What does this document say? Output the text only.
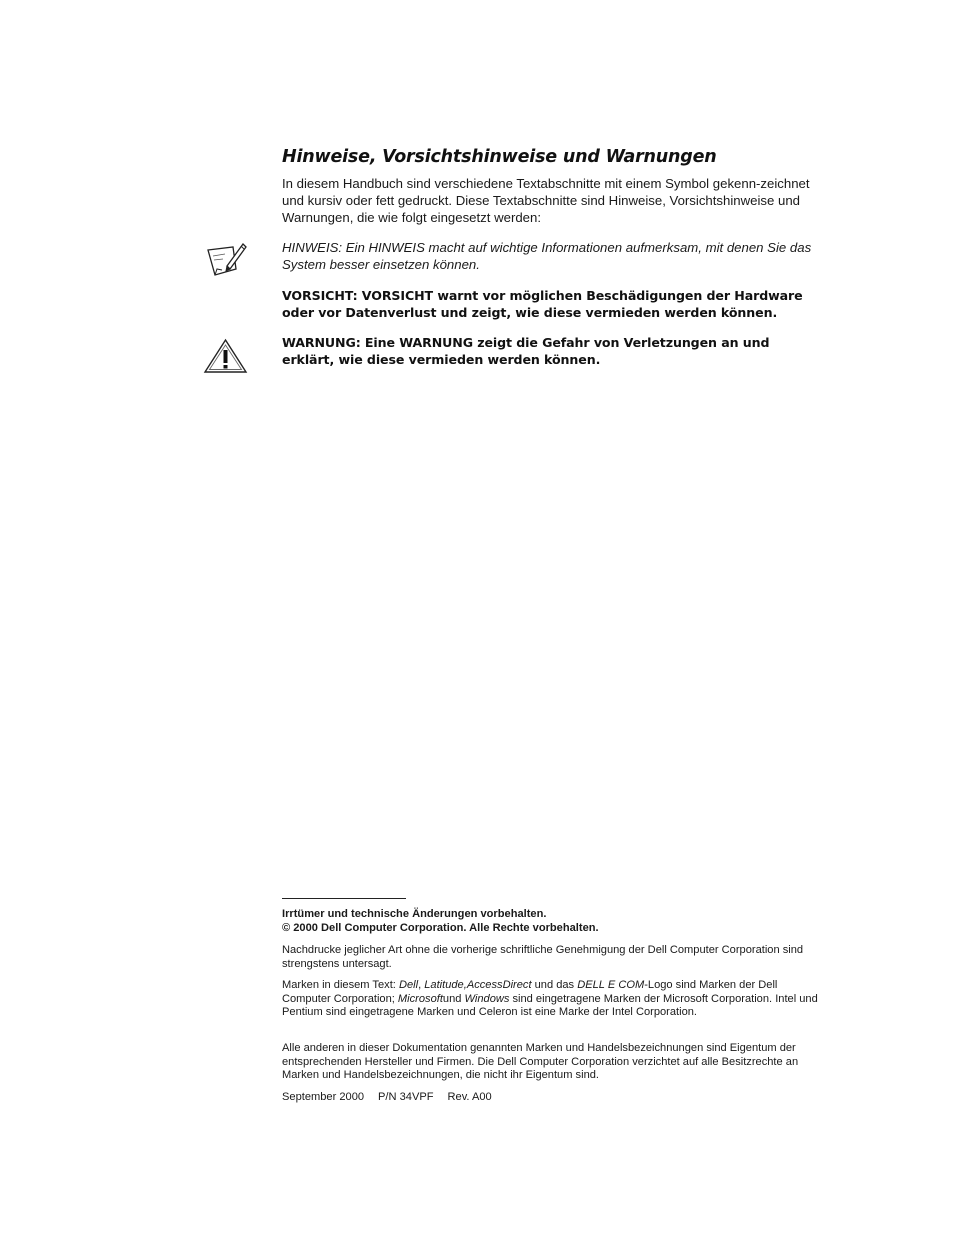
Hinweise, Vorsichtshinweise und Warnungen

In diesem Handbuch sind verschiedene Textabschnitte mit einem Symbol gekenn-zeichnet und kursiv oder fett gedruckt. Diese Textabschnitte sind Hinweise, Vorsichtshinweise und Warnungen, die wie folgt eingesetzt werden:

HINWEIS: Ein HINWEIS macht auf wichtige Informationen aufmerksam, mit denen Sie das System besser einsetzen können.

VORSICHT: VORSICHT warnt vor möglichen Beschädigungen der Hardware oder vor Datenverlust und zeigt, wie diese vermieden werden können.

WARNUNG: Eine WARNUNG zeigt die Gefahr von Verletzungen an und erklärt, wie diese vermieden werden können.

Irrtümer und technische Änderungen vorbehalten.
© 2000 Dell Computer Corporation. Alle Rechte vorbehalten.

Nachdrucke jeglicher Art ohne die vorherige schriftliche Genehmigung der Dell Computer Corporation sind strengstens untersagt.

Marken in diesem Text: Dell, Latitude,AccessDirect und das DELL E COM-Logo sind Marken der Dell Computer Corporation; Microsoftund Windows sind eingetragene Marken der Microsoft Corporation. Intel und Pentium sind eingetragene Marken und Celeron ist eine Marke der Intel Corporation.

Alle anderen in dieser Dokumentation genannten Marken und Handelsbezeichnungen sind Eigentum der entsprechenden Hersteller und Firmen. Die Dell Computer Corporation verzichtet auf alle Besitzrechte an Marken und Handelsbezeichnungen, die nicht ihr Eigentum sind.

September 2000 P/N 34VPF Rev. A00
